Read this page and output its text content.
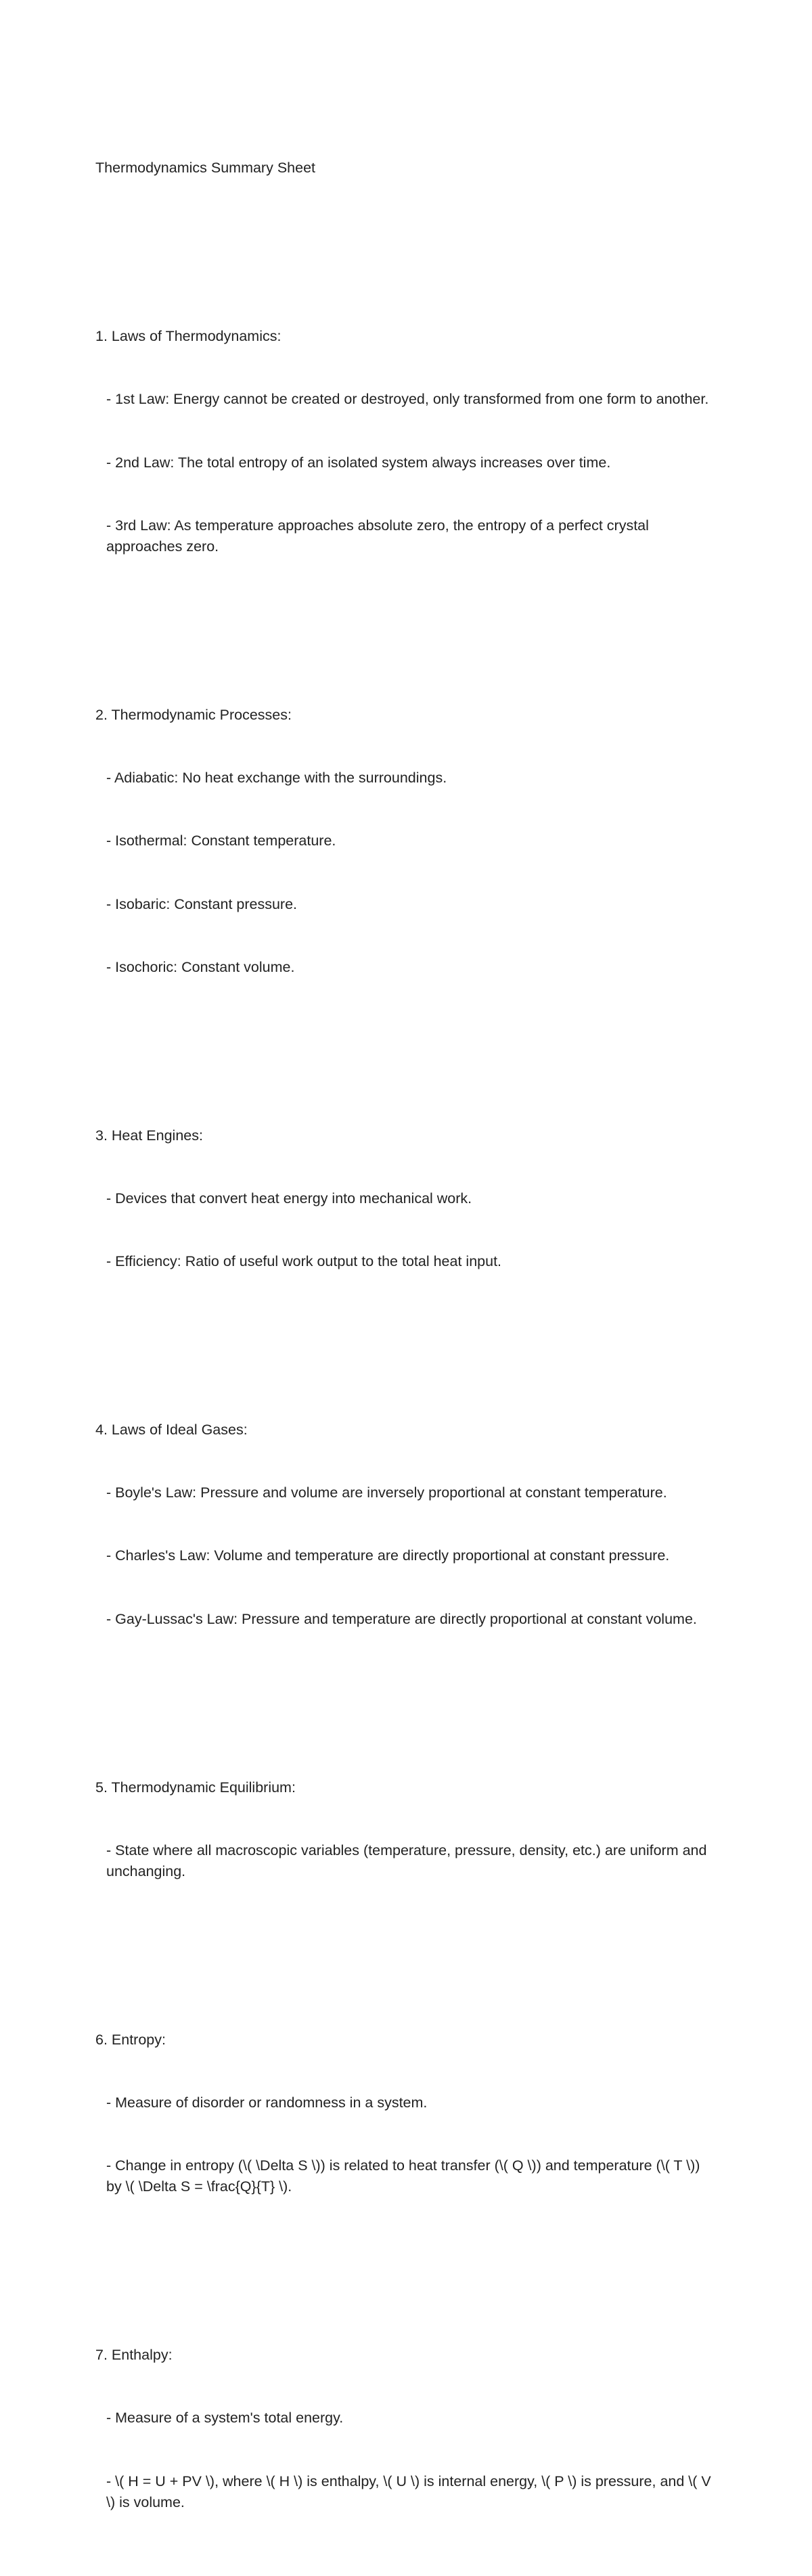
Thermodynamics Summary Sheet

1. Laws of Thermodynamics:

- 1st Law: Energy cannot be created or destroyed, only transformed from one form to another.

- 2nd Law: The total entropy of an isolated system always increases over time.

- 3rd Law: As temperature approaches absolute zero, the entropy of a perfect crystal approaches zero.

2. Thermodynamic Processes:

- Adiabatic: No heat exchange with the surroundings.

- Isothermal: Constant temperature.

- Isobaric: Constant pressure.

- Isochoric: Constant volume.

3. Heat Engines:

- Devices that convert heat energy into mechanical work.

- Efficiency: Ratio of useful work output to the total heat input.

4. Laws of Ideal Gases:

- Boyle's Law: Pressure and volume are inversely proportional at constant temperature.

- Charles's Law: Volume and temperature are directly proportional at constant pressure.

- Gay-Lussac's Law: Pressure and temperature are directly proportional at constant volume.

5. Thermodynamic Equilibrium:

- State where all macroscopic variables (temperature, pressure, density, etc.) are uniform and unchanging.

6. Entropy:

- Measure of disorder or randomness in a system.

- Change in entropy (\( \Delta S \)) is related to heat transfer (\( Q \)) and temperature (\( T \)) by \( \Delta S = \frac{Q}{T} \).

7. Enthalpy:

- Measure of a system's total energy.

- \( H = U + PV \), where \( H \) is enthalpy, \( U \) is internal energy, \( P \) is pressure, and \( V \) is volume.
